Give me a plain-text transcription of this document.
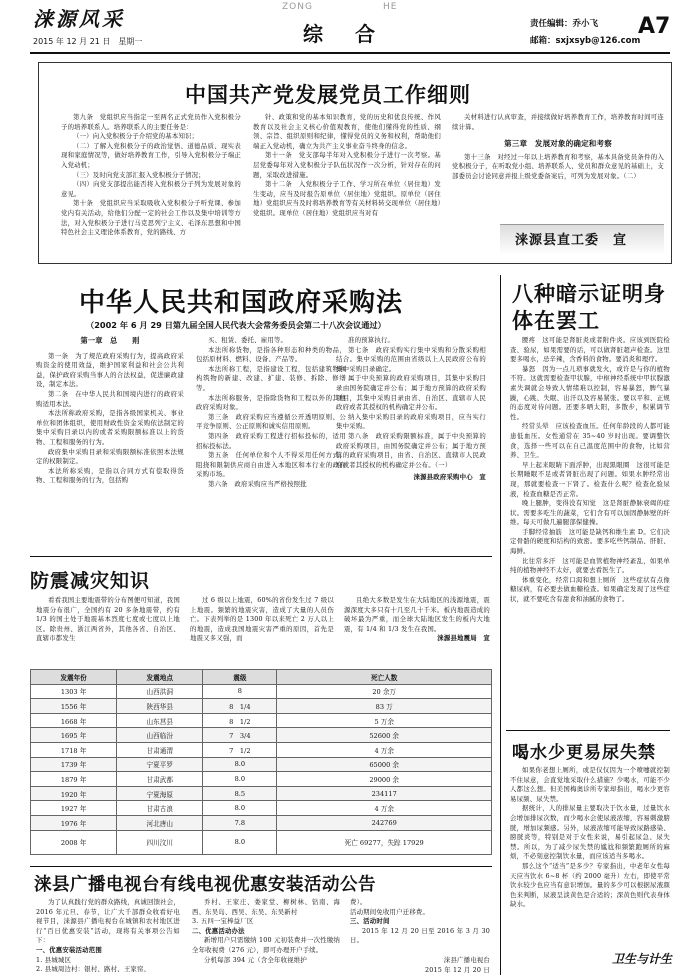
涞源风采
2015 年 12 月 21 日　星期一
ZONG	HE
综　合	责任编辑：乔小飞
邮箱：sxjxsyb@126.com
A7
中国共产党发展党员工作细则

第九条　党组织应当指定一至两名正式党员作入党积极分子的培养联系人。培养联系人的主要任务是：

（一）向入党积极分子介绍党的基本知识；

（二）了解入党积极分子的政治觉悟、道德品质、现实表现和家庭情况等，做好培养教育工作，引导入党积极分子端正入党动机；

（三）及时向党支部汇报入党积极分子情况；

（四）向党支部提出能否将入党积极分子列为发展对象的意见。

第十条　党组织应当采取吸收入党积极分子听党课、参加党内有关活动，给他们分配一定的社会工作以及集中培训等方法，对入党积极分子进行马克思列宁主义、毛泽东思想和中国特色社会主义理论体系教育，党的路线、方

针、政策和党的基本知识教育，党的历史和优良传统、作风教育以及社会主义核心价值观教育，使他们懂得党的性质、纲领、宗旨、组织原则和纪律，懂得党员的义务和权利，帮助他们端正入党动机，确立为共产主义事业奋斗终身的信念。

第十一条　党支部每半年对入党积极分子进行一次考察。基层党委每年对入党积极分子队伍状况作一次分析，针对存在的问题，采取改进措施。

第十二条　入党积极分子工作、学习所在单位（居住地）发生变动，应当及时报告原单位（居住地）党组织。原单位（居住地）党组织应当及时将培养教育等有关材料转交现单位（居住地）党组织。现单位（居住地）党组织应当对有

关材料进行认真审查，并接续做好培养教育工作，培养教育时间可连续计算。

第三章　发展对象的确定和考察

第十三条　对经过一年以上培养教育和考察，基本具备党员条件的入党积极分子，在听取党小组、培养联系人、党员和群众意见的基础上，支部委员会讨论同意并报上级党委备案后，可列为发展对象。（二）

涞源县直工委　宣
中华人民共和国政府采购法
（2002 年 6 月 29 日第九届全国人民代表大会常务委员会第二十八次会议通过）
第一章　总　　则

第一条　为了规范政府采购行为，提高政府采购资金的使用效益，维护国家利益和社会公共利益，保护政府采购当事人的合法权益，促进廉政建设，制定本法。

第二条　在中华人民共和国境内进行的政府采购适用本法。

本法所称政府采购，是指各级国家机关、事业单位和团体组织，使用财政性资金采购依法制定的集中采购目录以内的或者采购限额标准以上的货物、工程和服务的行为。

政府集中采购目录和采购限额标准依照本法规定的权限制定。

本法所称采购，是指以合同方式有偿取得货物、工程和服务的行为，包括购

买、租赁、委托、雇用等。

本法所称货物，是指各种形态和种类的物品，包括原材料、燃料、设备、产品等。

本法所称工程，是指建设工程，包括建筑物和构筑物的新建、改建、扩建、装修、拆除、修缮等。

本法所称服务，是指除货物和工程以外的其他政府采购对象。

第三条　政府采购应当遵循公开透明原则、公平竞争原则、公正原则和诚实信用原则。

第四条　政府采购工程进行招标投标的，适用招标投标法。

第五条　任何单位和个人不得采用任何方式，阻挠和限制供应商自由进入本地区和本行业的政府采购市场。

第六条　政府采购应当严格按照批

准的预算执行。

第七条　政府采购实行集中采购和分散采购相结合。集中采购的范围由省级以上人民政府公布的集中采购目录确定。

属于中央预算的政府采购项目，其集中采购目录由国务院确定并公布；属于地方预算的政府采购项目，其集中采购目录由省、自治区、直辖市人民政府或者其授权的机构确定并公布。

纳入集中采购目录的政府采购项目，应当实行集中采购。

第八条　政府采购限额标准，属于中央预算的政府采购项目，由国务院确定并公布；属于地方预算的政府采购项目，由省、自治区、直辖市人民政府或者其授权的机构确定并公布。（一）

涞源县政府采购中心　宣
防震减灾知识

看看我国主要地震带的分布图便可知道，我国地震分布很广，全国约有 20 多条地震带，约有 1/3 的国土处于地震基本烈度七度或七度以上地区。除贵州、浙江两省外，其他各省、自治区、直辖市都发生

过 6 级以上地震，60%的省份发生过 7 级以上地震。频繁的地震灾害，造成了大量的人员伤亡。下表列举的是 1300 年以来死亡 2 万人以上的地震，造成我国地震灾害严重的原因，首先是地震又多又强，而

且绝大多数是发生在大陆地区的浅源地震，震源深度大多只有十几至几十千米。板内地震造成的破坏最为严重，而全球大陆地区发生的板内大地震，有 1/4 和 1/3 发生在我国。

涞源县地震局　宣
发震年份	发震地点	震级	死亡人数
1303 年	山西洪洞	8	20 余万
1556 年	陕西华县	8　1/4	83 万
1668 年	山东莒县	8　1/2	5 万余
1695 年	山西临汾	7　3/4	52600 余
1718 年	甘肃通渭	7　1/2	4 万余
1739 年	宁夏平罗	8.0	65000 余
1879 年	甘肃武都	8.0	29000 余
1920 年	宁夏海原	8.5	234117
1927 年	甘肃古浪	8.0	4 万余
1976 年	河北唐山	7.8	242769
2008 年	四川汶川	8.0	死亡 69277，失踪 17929
涞县广播电视台有线电视优惠安装活动公告

为了认真践行党的群众路线，真诚回馈社会，2016 年元旦、春节，让广大千部群众收看好电视节目，涞源县广播电视台在城镇和农村地区进行“百日优惠安装”活动，现将有关事项公告如下：

一、优惠安装活动范围
1. 县城城区
2. 县城周边村：银村、路村、王家窑、

乔村、王家庄、娄家堂、柳树林、钻南、海西、东吴岛、西吴、东吴、东吴新村

3. 五四一宝棒益厂区
二、优惠活动办法

新增用户只需缴纳 100 元初装费并一次性缴纳全年收视费（276 元），即可办理开户手续。

分机每部 394 元（含全年收视维护

费）。
活动期间免收用户迁移费。
三、活动时间

2015 年 12 月 20 日至 2016 年 3 月 30 日。

涞县广播电视台
2015 年 12 月 20 日
八种暗示证明身体在罢工

腰疼　这可能是肾脏炎或者附件炎。应该到医院检查、验尿，如果需要的话，可以做肾脏超声检查。这里要多喝水，忌辛辣，含香料的食物。要消炎和理疗。

暴怒　因为一点儿琐事就发火，或许是与你的植物不符。这就需要检查甲状腺，中枢神经系统中甲状腺激素失调就会导致人情绪难以控制，容易暴怒，脾气暴躁，心跳、失眠、出汗以及容易紧张。要以平和、正规的态度对待问题。还要多晒太阳，多散步，积累调节性。

经常头晕　应该检查血压。任何年龄段的人都可能患低血压。女性通常在 35~40 岁时出现。要调整饮食，选择一些可以在自己温度范围中的食物，比如营养、卫生。

早上起来眼睛下面浮肿，出现黑眼圈　这很可能是长期睡眠不足或者肾脏出现了问题。如果水肿经常出现，那就要检查一下肾了。检查什么呢？检查化验尿液，检查血糖是否正常。

晚上腿肿，变得没有知觉　这是肾脏静脉衰竭的症状。需要多吃生的蔬菜，它们含有可以加固静脉壁的纤维。每天可做几遍腿部保健操。

手脚经常抽筋　这可能是缺钙和维生素 D。它们决定骨骼的硬度和结构的致密。要多吃些钙制品、肝脏、海鲜。

比往常多汗　这可能是血管植物神经紊乱，如果单纯的植物神经不太好，就要去看医生了。

体重变化，经常口渴和想上厕所　这些症状有点像糖尿病，有必要去做血糖检查。如果确定发现了这些症状，就不要吃含有甜食和油腻的食物了。

喝水少更易尿失禁

如果你老想上厕所，或是仅仅因为一个喷嚏就控制不住尿意，会直觉地采取什么措施？少喝水，可能不少人都这么想。但美国梅奥诊所专家却指出，喝水少更容易尿频、尿失禁。

据统计，人的排尿量主要取决于饮水量，过量饮水会增加排尿次数，而少喝水会使尿液浓缩，容易刺激膀胱，增加尿频感。另外，尿液浓缩可能导致尿路感染、膀胱炎等，特别是对于女性来说，易引起尿急、尿失禁。所以，为了减少尿失禁的尴尬和频繁跑厕所的麻烦，不必刻意控制饮水量，而应该适当多喝水。

那么这个“适当”是多少？专家指出，中老年女性每天应当饮水 6~8 杯（约 2000 毫升）左右，即使平常饮水较少也应当有意识增加。量的多少可以根据尿液颜色来判断，尿液呈淡黄色是合适的；深黄色则代表身体缺水。

卫生与计生
